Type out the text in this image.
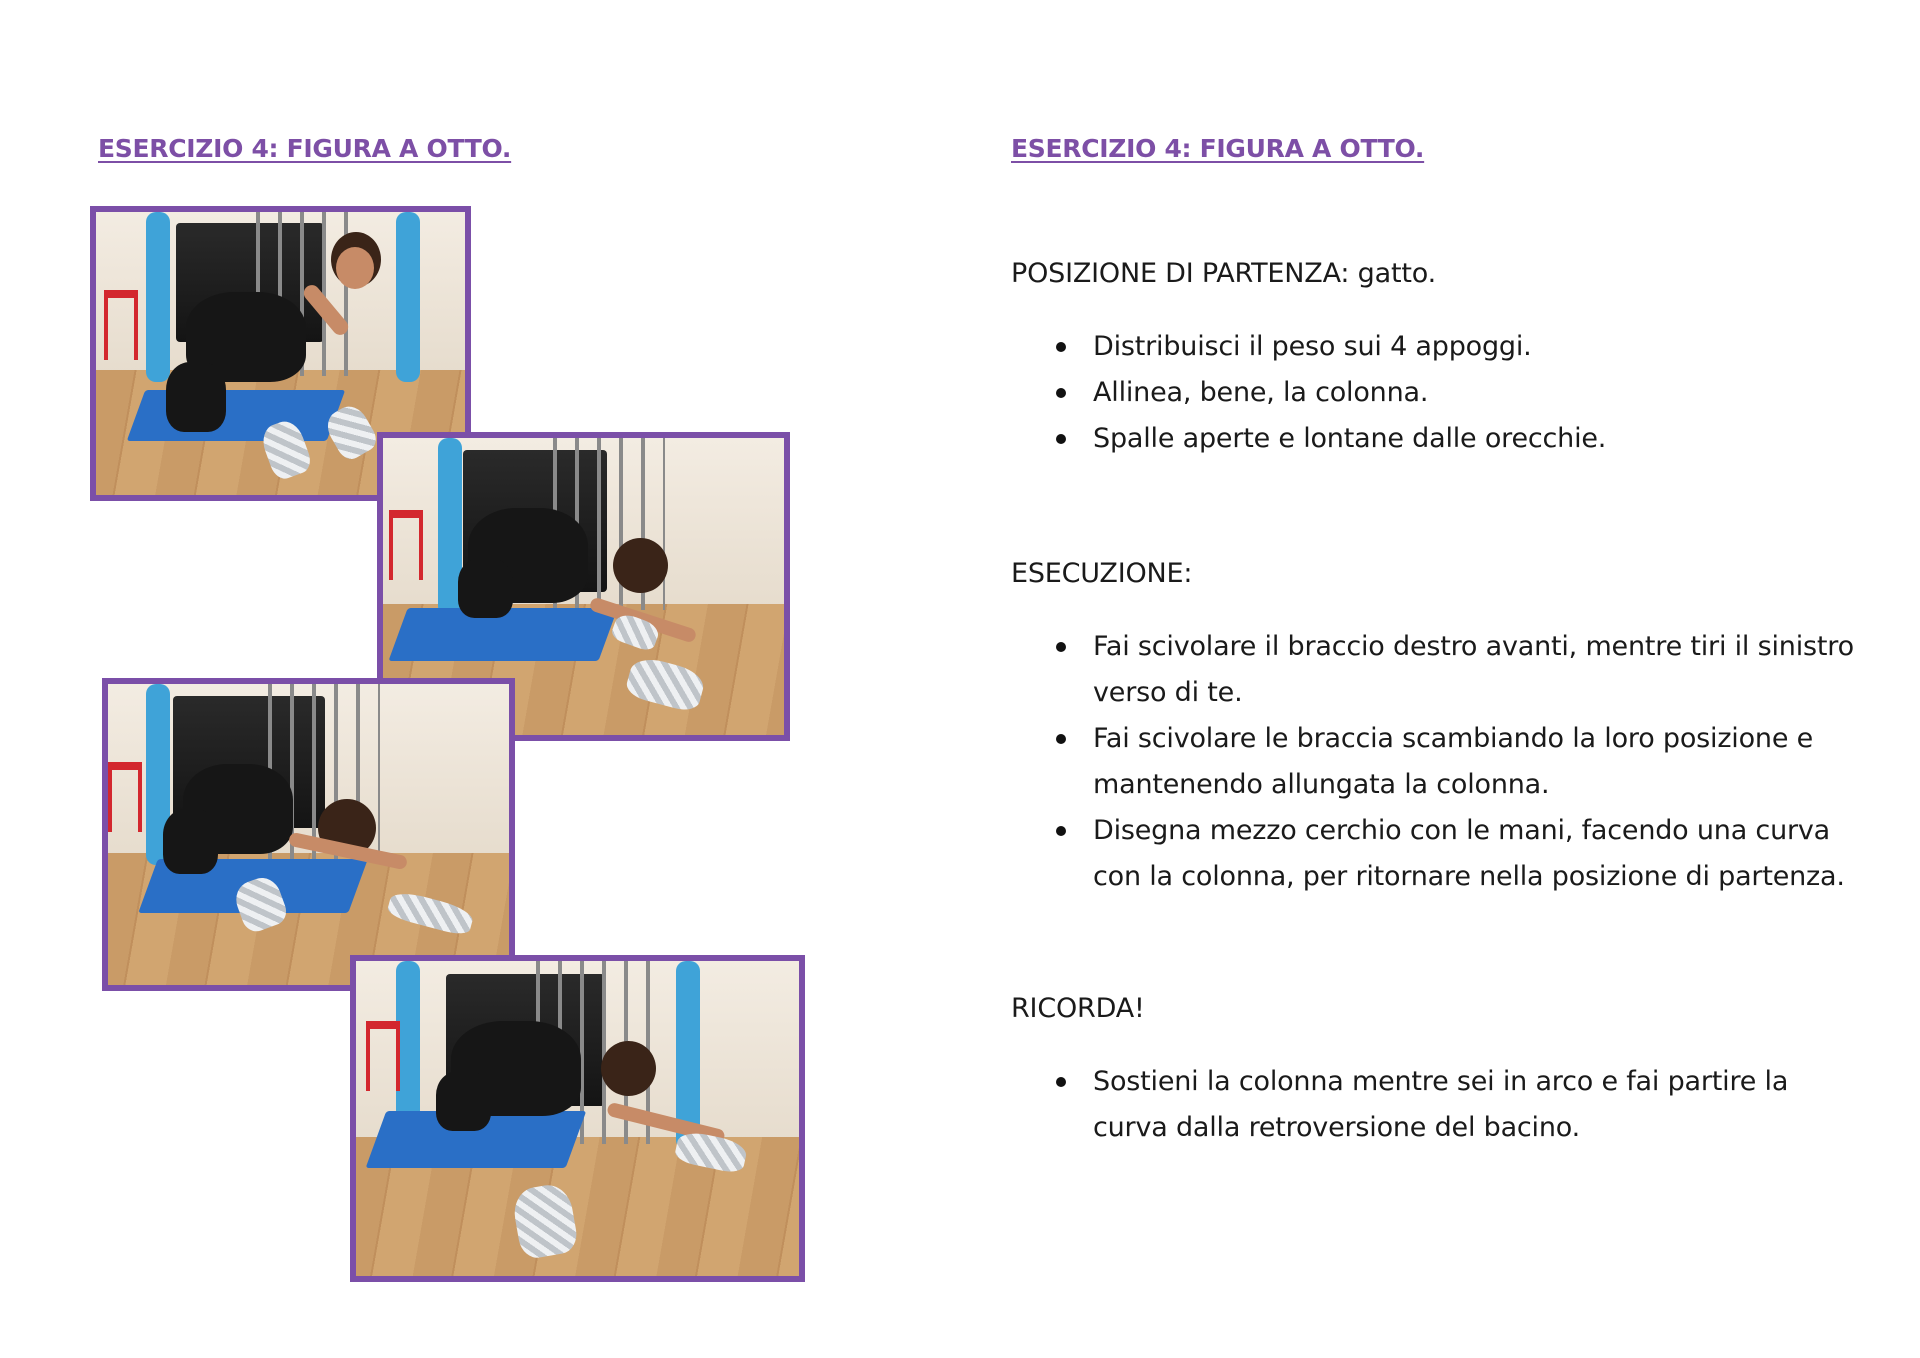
ESERCIZIO 4: FIGURA A OTTO.	ESERCIZIO 4: FIGURA A OTTO.
POSIZIONE DI PARTENZA: gatto.
Distribuisci il peso sui 4 appoggi.
Allinea, bene, la colonna.
Spalle aperte e lontane dalle orecchie.
ESECUZIONE:
Fai scivolare il braccio destro avanti, mentre tiri il sinistro verso di te.
Fai scivolare le braccia scambiando la loro posizione e mantenendo allungata la colonna.
Disegna mezzo cerchio con le mani, facendo una curva con la colonna, per ritornare nella posizione di partenza.
RICORDA!
Sostieni la colonna mentre sei in arco e fai partire la curva dalla retroversione del bacino.
